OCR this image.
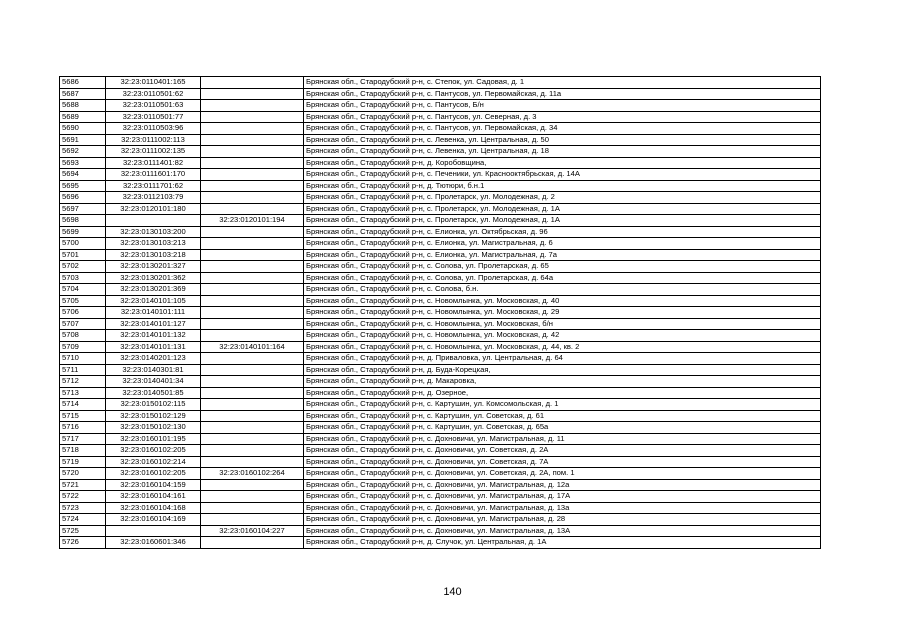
5686	32:23:0110401:165		Брянская обл., Стародубский р-н, с. Степок, ул. Садовая, д. 1
5687	32:23:0110501:62		Брянская обл., Стародубский р-н, с. Пантусов, ул. Первомайская, д. 11а
5688	32:23:0110501:63		Брянская обл., Стародубский р-н, с. Пантусов, Б/н
5689	32:23:0110501:77		Брянская обл., Стародубский р-н, с. Пантусов, ул. Северная, д. 3
5690	32:23:0110503:96		Брянская обл., Стародубский р-н, с. Пантусов, ул. Первомайская, д. 34
5691	32:23:0111002:113		Брянская обл., Стародубский р-н, с. Левенка, ул. Центральная, д. 50
5692	32:23:0111002:135		Брянская обл., Стародубский р-н, с. Левенка, ул. Центральная, д. 18
5693	32:23:0111401:82		Брянская обл., Стародубский р-н, д. Коробовщина,
5694	32:23:0111601:170		Брянская обл., Стародубский р-н, с. Печеники, ул. Краснооктябрьская, д. 14А
5695	32:23:0111701:62		Брянская обл., Стародубский р-н, д. Тютюри, б.н.1
5696	32:23:0112103:79		Брянская обл., Стародубский р-н, с. Пролетарск, ул. Молодежная, д. 2
5697	32:23:0120101:180		Брянская обл., Стародубский р-н, с. Пролетарск, ул. Молодежная, д. 1А
5698		32:23:0120101:194	Брянская обл., Стародубский р-н, с. Пролетарск, ул. Молодежная, д. 1А
5699	32:23:0130103:200		Брянская обл., Стародубский р-н, с. Елионка, ул. Октябрьская, д. 96
5700	32:23:0130103:213		Брянская обл., Стародубский р-н, с. Елионка, ул. Магистральная, д. 6
5701	32:23:0130103:218		Брянская обл., Стародубский р-н, с. Елионка, ул. Магистральная, д. 7а
5702	32:23:0130201:327		Брянская обл., Стародубский р-н, с. Солова, ул. Пролетарская, д. 65
5703	32:23:0130201:362		Брянская обл., Стародубский р-н, с. Солова, ул. Пролетарская, д. 64а
5704	32:23:0130201:369		Брянская обл., Стародубский р-н, с. Солова, б.н.
5705	32:23:0140101:105		Брянская обл., Стародубский р-н, с. Новомлынка, ул. Московская, д. 40
5706	32:23:0140101:111		Брянская обл., Стародубский р-н, с. Новомлынка, ул. Московская, д. 29
5707	32:23:0140101:127		Брянская обл., Стародубский р-н, с. Новомлынка, ул. Московская, б/н
5708	32:23:0140101:132		Брянская обл., Стародубский р-н, с. Новомлынка, ул. Московская, д. 42
5709	32:23:0140101:131	32:23:0140101:164	Брянская обл., Стародубский р-н, с. Новомлынка, ул. Московская, д. 44, кв. 2
5710	32:23:0140201:123		Брянская обл., Стародубский р-н, д. Приваловка, ул. Центральная, д. 64
5711	32:23:0140301:81		Брянская обл., Стародубский р-н, д. Буда-Корецкая,
5712	32:23:0140401:34		Брянская обл., Стародубский р-н, д. Макаровка,
5713	32:23:0140501:85		Брянская обл., Стародубский р-н, д. Озерное,
5714	32:23:0150102:115		Брянская обл., Стародубский р-н, с. Картушин, ул. Комсомольская, д. 1
5715	32:23:0150102:129		Брянская обл., Стародубский р-н, с. Картушин, ул. Советская, д. 61
5716	32:23:0150102:130		Брянская обл., Стародубский р-н, с. Картушин, ул. Советская, д. 65а
5717	32:23:0160101:195		Брянская обл., Стародубский р-н, с. Дохновичи, ул. Магистральная, д. 11
5718	32:23:0160102:205		Брянская обл., Стародубский р-н, с. Дохновичи, ул. Советская, д. 2А
5719	32:23:0160102:214		Брянская обл., Стародубский р-н, с. Дохновичи, ул. Советская, д. 7А
5720	32:23:0160102:205	32:23:0160102:264	Брянская обл., Стародубский р-н, с. Дохновичи, ул. Советская, д. 2А, пом. 1
5721	32:23:0160104:159		Брянская обл., Стародубский р-н, с. Дохновичи, ул. Магистральная, д. 12а
5722	32:23:0160104:161		Брянская обл., Стародубский р-н, с. Дохновичи, ул. Магистральная, д. 17А
5723	32:23:0160104:168		Брянская обл., Стародубский р-н, с. Дохновичи, ул. Магистральная, д. 13а
5724	32:23:0160104:169		Брянская обл., Стародубский р-н, с. Дохновичи, ул. Магистральная, д. 28
5725		32:23:0160104:227	Брянская обл., Стародубский р-н, с. Дохновичи, ул. Магистральная, д. 13А
5726	32:23:0160601:346		Брянская обл., Стародубский р-н, д. Случок, ул. Центральная, д. 1А
140
